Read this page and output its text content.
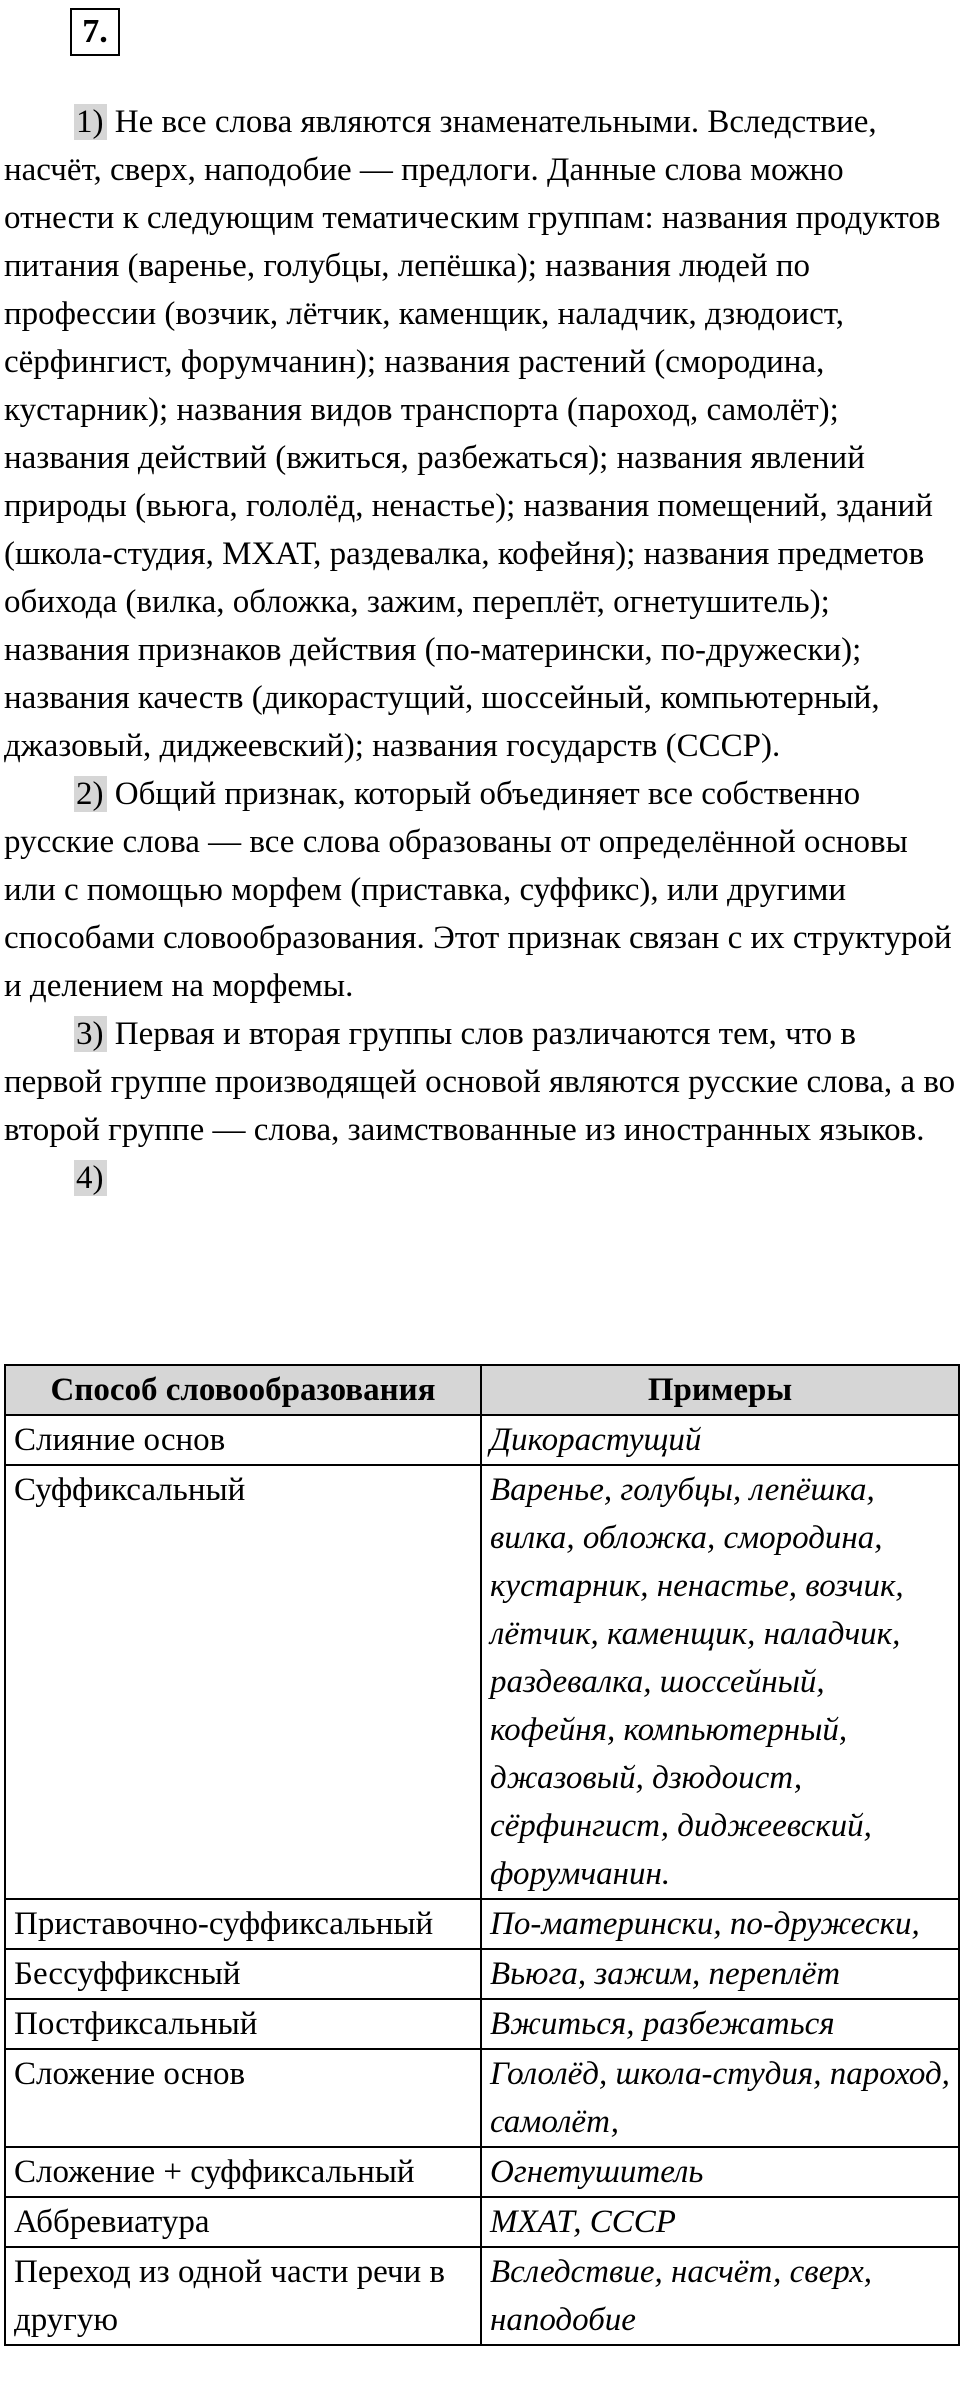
7.

1) Не все слова являются знаменательными. Вследствие, насчёт, сверх, наподобие — предлоги. Данные слова можно отнести к следующим тематическим группам: названия продуктов питания (варенье, голубцы, лепёшка); названия людей по профессии (возчик, лётчик, каменщик, наладчик, дзюдоист, сёрфингист, форумчанин); названия растений (смородина, кустарник); названия видов транспорта (пароход, самолёт); названия действий (вжиться, разбежаться); названия явлений природы (вьюга, гололёд, ненастье); названия помещений, зданий (школа-студия, МХАТ, раздевалка, кофейня); названия предметов обихода (вилка, обложка, зажим, переплёт, огнетушитель); названия признаков действия (по-матерински, по-дружески); названия качеств (дикорастущий, шоссейный, компьютерный, джазовый, диджеевский); названия государств (СССР).

2) Общий признак, который объединяет все собственно русские слова — все слова образованы от определённой основы или с помощью морфем (приставка, суффикс), или другими способами словообразования. Этот признак связан с их структурой и делением на морфемы.

3) Первая и вторая группы слов различаются тем, что в первой группе производящей основой являются русские слова, а во второй группе — слова, заимствованные из иностранных языков.

4)

Способ словообразования	Примеры
Слияние основ	Дикорастущий
Суффиксальный	Варенье, голубцы, лепёшка, вилка, обложка, смородина, кустарник, ненастье, возчик, лётчик, каменщик, наладчик, раздевалка, шоссейный, кофейня, компьютерный, джазовый, дзюдоист, сёрфингист, диджеевский, форумчанин.
Приставочно-суффиксальный	По-матерински, по-дружески,
Бессуффиксный	Вьюга, зажим, переплёт
Постфиксальный	Вжиться, разбежаться
Сложение основ	Гололёд, школа-студия, пароход, самолёт,
Сложение + суффиксальный	Огнетушитель
Аббревиатура	МХАТ, СССР
Переход из одной части речи в другую	Вследствие, насчёт, сверх, наподобие
